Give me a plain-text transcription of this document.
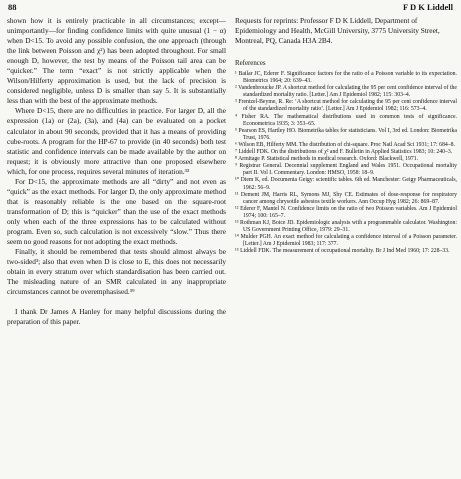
88	F D K Liddell

shown how it is entirely practicable in all circumstances; except—unimportantly—for finding confidence limits with quite unusual (1 − α) when D<15. To avoid any possible confusion, the one approach (through the link between Poisson and χ²) has been adopted throughout. For small enough D, however, the test by means of the Poisson tail area can be “quicker.” The term “exact” is not strictly applicable when the Wilson/Hilferty approximation is used, but the lack of precision is considered negligible, unless D is smaller than say 5. It is substantially less than with the best of the approximate methods.

Where D<15, there are no difficulties in practice. For larger D, all the expression (1a) or (2a), (3a), and (4a) can be evaluated on a pocket calculator in about 90 seconds, provided that it has a means of providing cube-roots. A program for the HP-67 to provide (in 40 seconds) both test statistic and confidence intervals can be made available by the author on request; it is obviously more attractive than one proposed elsewhere which, for one process, requires several minutes of iteration.³³

For D<15, the approximate methods are all “dirty” and not even as “quick” as the exact methods. For larger D, the only approximate method that is reasonably reliable is the one based on the square-root transformation of D; this is “quicker” than the use of the exact methods only when each of the three expressions has to be calculated without program. Even so, such calculation is not excessively “slow.” Thus there seem no good reasons for not adopting the exact methods.

Finally, it should be remembered that tests should almost always be two-sided³; also that even when D is close to E, this does not necessarily obtain in every stratum over which standardisation has been carried out. The misleading nature of an SMR calculated in any inappropriate circumstances cannot be overemphasised.³⁹

I thank Dr James A Hanley for many helpful discussions during the preparation of this paper.

Requests for reprints: Professor F D K Liddell, Department of Epidemiology and Health, McGill University, 3775 University Street, Montreal, PQ, Canada H3A 2B4.

References
¹ Bailar JC, Ederer F. Significance factors for the ratio of a Poisson variable to its expectation. Biometrics 1964; 20: 639–43.
² Vandenbroucke JP. A shortcut method for calculating the 95 per cent confidence interval of the standardized mortality ratio. [Letter.] Am J Epidemiol 1982; 115: 303–4.
³ Frentzel-Beyme, R. Re: ‘A shortcut method for calculating the 95 per cent confidence interval of the standardized mortality ratio’. [Letter.] Am J Epidemiol 1982; 116: 573–4.
⁴ Fisher RA. The mathematical distributions used in common tests of significance. Econometrica 1935; 3: 353–65.
⁵ Pearson ES, Hartley HO. Biometrika tables for statisticians. Vol I, 3rd ed. London: Biometrika Trust, 1976.
⁶ Wilson EB, Hilferty MM. The distribution of chi-square. Proc Natl Acad Sci 1931; 17: 684–8.
⁷ Liddell FDK. On the distributions of χ² and F. Bulletin in Applied Statistics 1983; 10: 240–3.
⁸ Armitage P. Statistical methods in medical research. Oxford: Blackwell, 1971.
⁹ Registrar General. Decennial supplement England and Wales 1951. Occupational mortality part II. Vol I. Commentary. London: HMSO, 1958: 18–9.
¹⁰ Diem K, ed. Documenta Geigy: scientific tables. 6th ed. Manchester: Geigy Pharmaceuticals, 1962: 56–9.
¹¹ Dement JM, Harris RL, Symons MJ, Shy CE. Estimates of dose-response for respiratory cancer among chrysotile asbestos textile workers. Ann Occup Hyg 1982; 26: 869–87.
¹² Ederer F, Mantel N. Confidence limits on the ratio of two Poisson variables. Am J Epidemiol 1974; 100: 165–7.
¹³ Rothman KJ, Boice JD. Epidemiologic analysis with a programmable calculator. Washington: US Government Printing Office, 1979: 29–31.
¹⁴ Mulder PGH. An exact method for calculating a confidence interval of a Poisson parameter. [Letter.] Am J Epidemiol 1983; 117: 377.
¹⁵ Liddell FDK. The measurement of occupational mortality. Br J Ind Med 1960; 17: 228–33.
